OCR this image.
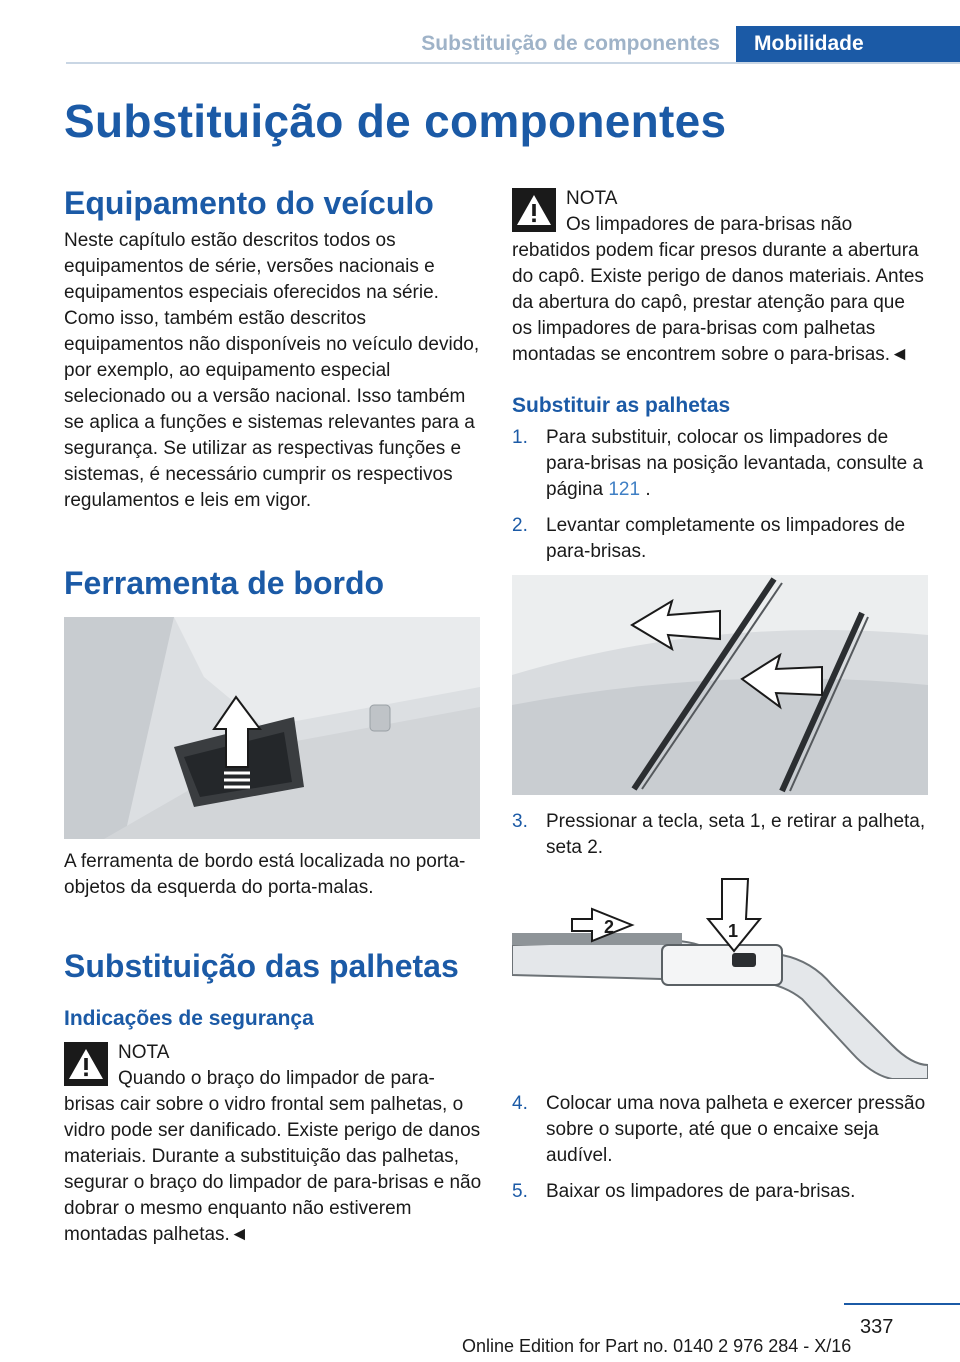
Substituição de componentes	Mobilidade
Substituição de componentes
Equipamento do veículo

Neste capítulo estão descritos todos os equipamentos de série, versões nacionais e equipamentos especiais oferecidos na série. Como isso, também estão descritos equipamentos não disponíveis no veículo devido, por exemplo, ao equipamento especial selecionado ou a versão nacional. Isso também se aplica a funções e sistemas relevantes para a segurança. Se utilizar as respectivas funções e sistemas, é necessário cumprir os respectivos regulamentos e leis em vigor.

Ferramenta de bordo

A ferramenta de bordo está localizada no porta-objetos da esquerda do porta-malas.

Substituição das palhetas
Indicações de segurança
NOTA
Quando o braço do limpador de para-brisas cair sobre o vidro frontal sem palhetas, o vidro pode ser danificado. Existe perigo de danos materiais. Durante a substituição das palhetas, segurar o braço do limpador de para-brisas e não dobrar o mesmo enquanto não estiverem montadas palhetas.◄
NOTA
Os limpadores de para-brisas não rebatidos podem ficar presos durante a abertura do capô. Existe perigo de danos materiais. Antes da abertura do capô, prestar atenção para que os limpadores de para-brisas com palhetas montadas se encontrem sobre o para-brisas.◄
Substituir as palhetas
1. Para substituir, colocar os limpadores de para-brisas na posição levantada, consulte a página 121 .
2. Levantar completamente os limpadores de para-brisas.
3. Pressionar a tecla, seta 1, e retirar a palheta, seta 2.
1
2
4. Colocar uma nova palheta e exercer pressão sobre o suporte, até que o encaixe seja audível.
5. Baixar os limpadores de para-brisas.
337
Online Edition for Part no. 0140 2 976 284 - X/16
